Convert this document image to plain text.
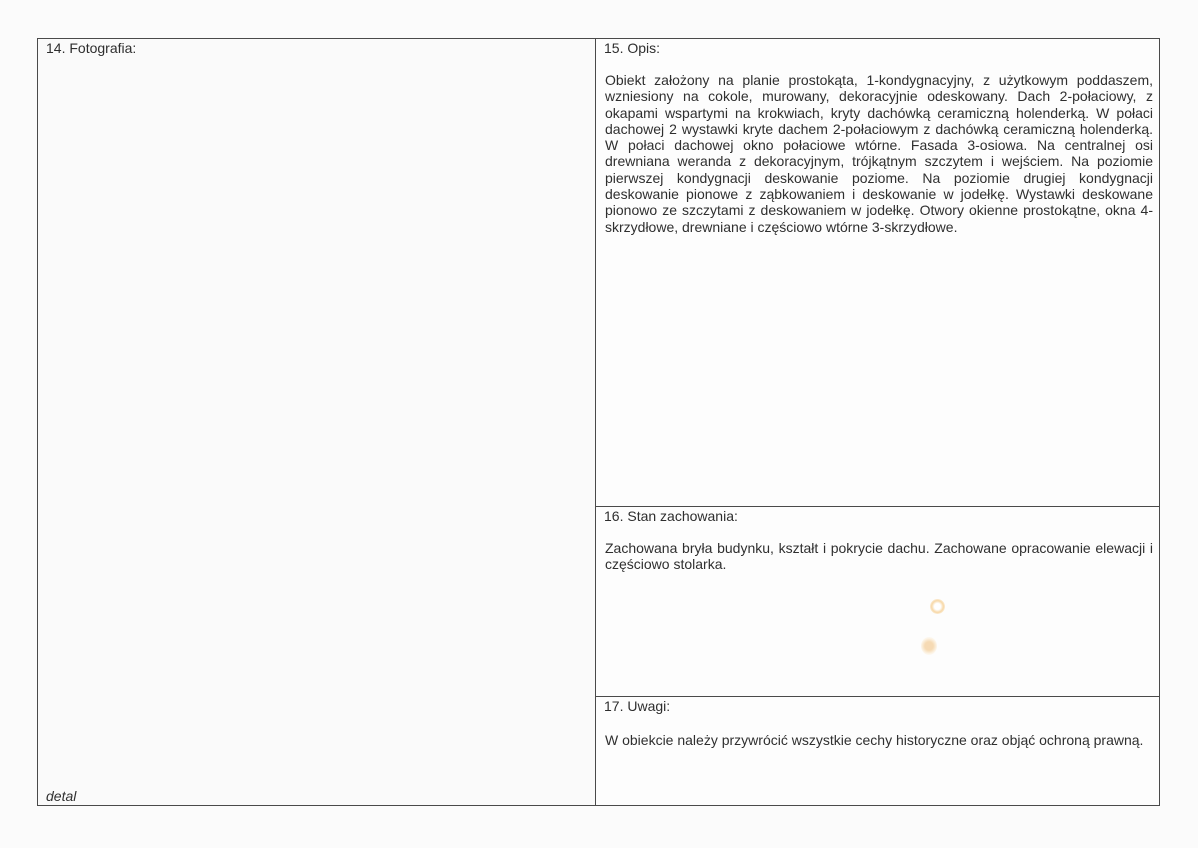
14. Fotografia:
detal
15. Opis:
Obiekt założony na planie prostokąta, 1-kondygnacyjny, z użytkowym poddaszem, wzniesiony na cokole, murowany, dekoracyjnie odeskowany. Dach 2-połaciowy, z okapami wspartymi na krokwiach, kryty dachówką ceramiczną holenderką. W połaci dachowej 2 wystawki kryte dachem 2-połaciowym z dachówką ceramiczną holenderką. W połaci dachowej okno połaciowe wtórne. Fasada 3-osiowa. Na centralnej osi drewniana weranda z dekoracyjnym, trójkątnym szczytem i wejściem. Na poziomie pierwszej kondygnacji deskowanie poziome. Na poziomie drugiej kondygnacji deskowanie pionowe z ząbkowaniem i deskowanie w jodełkę. Wystawki deskowane pionowo ze szczytami z deskowaniem w jodełkę. Otwory okienne prostokątne, okna 4-skrzydłowe, drewniane i częściowo wtórne 3-skrzydłowe.
16. Stan zachowania:
Zachowana bryła budynku, kształt i pokrycie dachu. Zachowane opracowanie elewacji i częściowo stolarka.
17. Uwagi:
W obiekcie należy przywrócić wszystkie cechy historyczne oraz objąć ochroną prawną.
